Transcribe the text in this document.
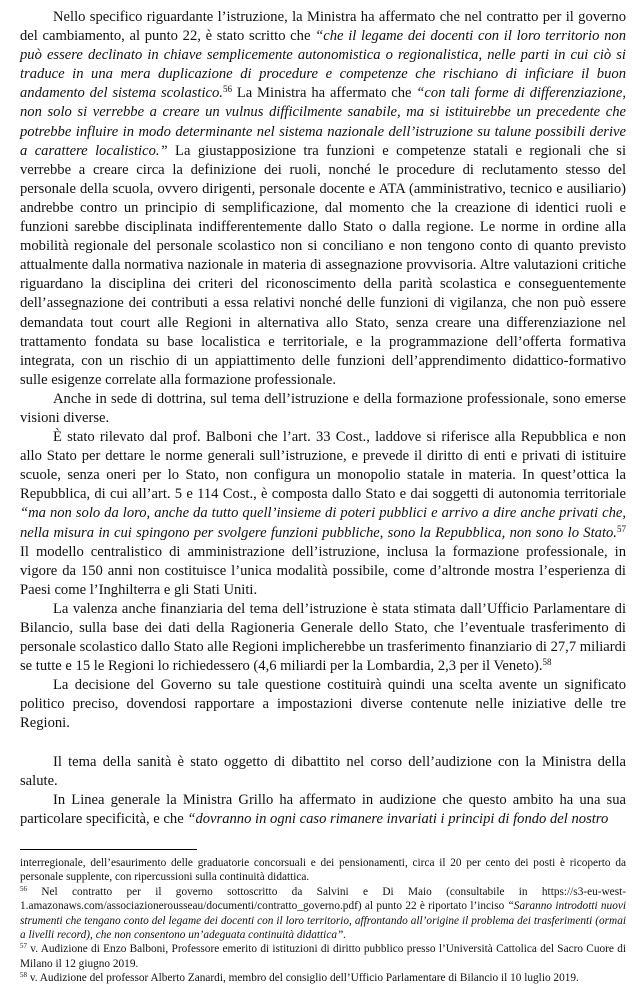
Nello specifico riguardante l’istruzione, la Ministra ha affermato che nel contratto per il governo del cambiamento, al punto 22, è stato scritto che “che il legame dei docenti con il loro territorio non può essere declinato in chiave semplicemente autonomistica o regionalistica, nelle parti in cui ciò si traduce in una mera duplicazione di procedure e competenze che rischiano di inficiare il buon andamento del sistema scolastico.$^{56}$ La Ministra ha affermato che “con tali forme di differenziazione, non solo si verrebbe a creare un vulnus difficilmente sanabile, ma si istituirebbe un precedente che potrebbe influire in modo determinante nel sistema nazionale dell’istruzione su talune possibili derive a carattere localistico.” La giustapposizione tra funzioni e competenze statali e regionali che si verrebbe a creare circa la definizione dei ruoli, nonché le procedure di reclutamento stesso del personale della scuola, ovvero dirigenti, personale docente e ATA (amministrativo, tecnico e ausiliario) andrebbe contro un principio di semplificazione, dal momento che la creazione di identici ruoli e funzioni sarebbe disciplinata indifferentemente dallo Stato o dalla regione. Le norme in ordine alla mobilità regionale del personale scolastico non si conciliano e non tengono conto di quanto previsto attualmente dalla normativa nazionale in materia di assegnazione provvisoria. Altre valutazioni critiche riguardano la disciplina dei criteri del riconoscimento della parità scolastica e conseguentemente dell’assegnazione dei contributi a essa relativi nonché delle funzioni di vigilanza, che non può essere demandata tout court alle Regioni in alternativa allo Stato, senza creare una differenziazione nel trattamento fondata su base localistica e territoriale, e la programmazione dell’offerta formativa integrata, con un rischio di un appiattimento delle funzioni dell’apprendimento didattico-formativo sulle esigenze correlate alla formazione professionale.

Anche in sede di dottrina, sul tema dell’istruzione e della formazione professionale, sono emerse visioni diverse.

È stato rilevato dal prof. Balboni che l’art. 33 Cost., laddove si riferisce alla Repubblica e non allo Stato per dettare le norme generali sull’istruzione, e prevede il diritto di enti e privati di istituire scuole, senza oneri per lo Stato, non configura un monopolio statale in materia. In quest’ottica la Repubblica, di cui all’art. 5 e 114 Cost., è composta dallo Stato e dai soggetti di autonomia territoriale “ma non solo da loro, anche da tutto quell’insieme di poteri pubblici e arrivo a dire anche privati che, nella misura in cui spingono per svolgere funzioni pubbliche, sono la Repubblica, non sono lo Stato.$^{57}$ Il modello centralistico di amministrazione dell’istruzione, inclusa la formazione professionale, in vigore da 150 anni non costituisce l’unica modalità possibile, come d’altronde mostra l’esperienza di Paesi come l’Inghilterra e gli Stati Uniti.

La valenza anche finanziaria del tema dell’istruzione è stata stimata dall’Ufficio Parlamentare di Bilancio, sulla base dei dati della Ragioneria Generale dello Stato, che l’eventuale trasferimento di personale scolastico dallo Stato alle Regioni implicherebbe un trasferimento finanziario di 27,7 miliardi se tutte e 15 le Regioni lo richiedessero (4,6 miliardi per la Lombardia, 2,3 per il Veneto).$^{58}$

La decisione del Governo su tale questione costituirà quindi una scelta avente un significato politico preciso, dovendosi rapportare a impostazioni diverse contenute nelle iniziative delle tre Regioni.

Il tema della sanità è stato oggetto di dibattito nel corso dell’audizione con la Ministra della salute.

In Linea generale la Ministra Grillo ha affermato in audizione che questo ambito ha una sua particolare specificità, e che “dovranno in ogni caso rimanere invariati i principi di fondo del nostro

interregionale, dell’esaurimento delle graduatorie concorsuali e dei pensionamenti, circa il 20 per cento dei posti è ricoperto da personale supplente, con ripercussioni sulla continuità didattica.

$^{56}$ Nel contratto per il governo sottoscritto da Salvini e Di Maio (consultabile in https://s3-eu-west-1.amazonaws.com/associazionerousseau/documenti/contratto_governo.pdf) al punto 22 è riportato l’inciso “Saranno introdotti nuovi strumenti che tengano conto del legame dei docenti con il loro territorio, affrontando all’origine il problema dei trasferimenti (ormai a livelli record), che non consentono un’adeguata continuità didattica”.

$^{57}$ v. Audizione di Enzo Balboni, Professore emerito di istituzioni di diritto pubblico presso l’Università Cattolica del Sacro Cuore di Milano il 12 giugno 2019.

$^{58}$ v. Audizione del professor Alberto Zanardi, membro del consiglio dell’Ufficio Parlamentare di Bilancio il 10 luglio 2019.
